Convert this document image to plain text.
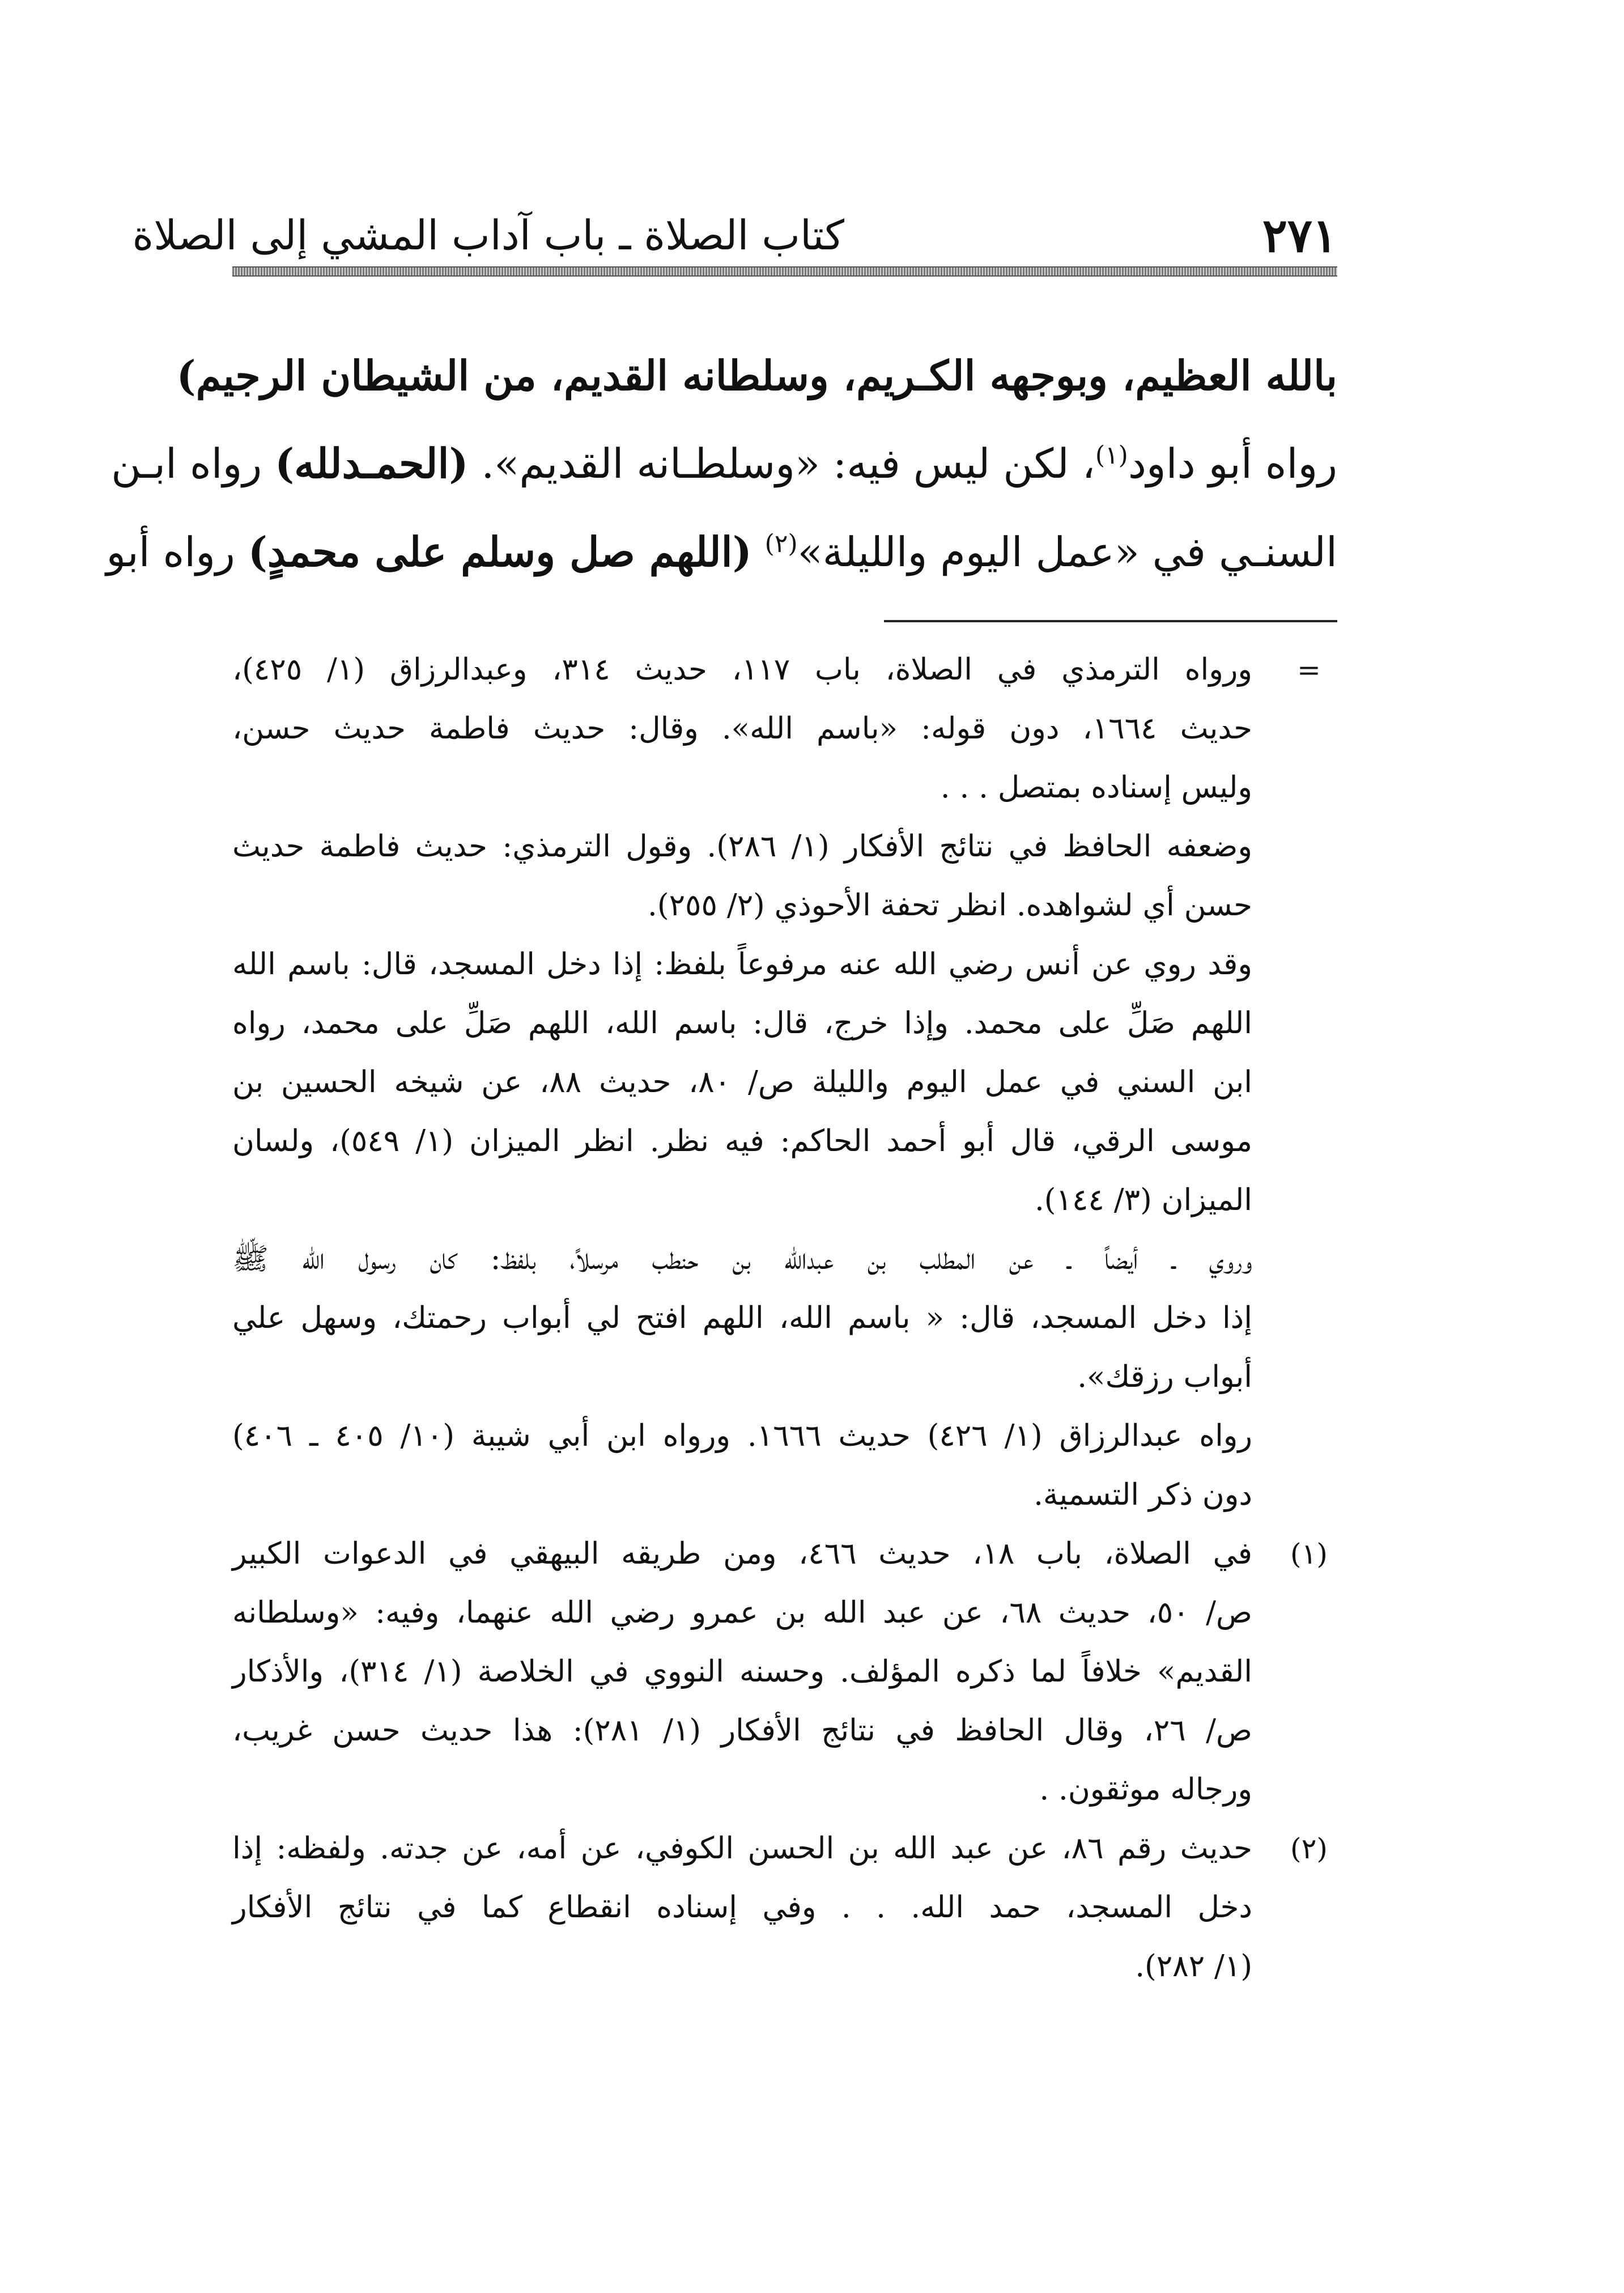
٢٧١
كتاب الصلاة ـ باب آداب المشي إلى الصلاة
بالله العظيم، وبوجهه الكـريم، وسلطانه القديم، من الشيطان الرجيم)
رواه أبو داود$^{(١)}$، لكن ليس فيه: «وسلطـانه القديم». (الحمـدلله) رواه ابـن
السنـي في «عمل اليوم والليلة»$^{(٢)}$ (اللهم صل وسلم على محمدٍ) رواه أبو
=
ورواه الترمذي في الصلاة، باب ١١٧، حديث ٣١٤، وعبدالرزاق (١/ ٤٢٥)،
حديث ١٦٦٤، دون قوله: «باسم الله». وقال: حديث فاطمة حديث حسن،
وليس إسناده بمتصل . . .
وضعفه الحافظ في نتائج الأفكار (١/ ٢٨٦). وقول الترمذي: حديث فاطمة حديث
حسن أي لشواهده. انظر تحفة الأحوذي (٢/ ٢٥٥).
وقد روي عن أنس رضي الله عنه مرفوعاً بلفظ: إذا دخل المسجد، قال: باسم الله
اللهم صَلِّ على محمد. وإذا خرج، قال: باسم الله، اللهم صَلِّ على محمد، رواه
ابن السني في عمل اليوم والليلة ص/ ٨٠، حديث ٨٨، عن شيخه الحسين بن
موسى الرقي، قال أبو أحمد الحاكم: فيه نظر. انظر الميزان (١/ ٥٤٩)، ولسان
الميزان (٣/ ١٤٤).
وروي ـ أيضاً ـ عن المطلب بن عبدالله بن حنطب مرسلاً، بلفظ: كان رسول الله ﷺ
إذا دخل المسجد، قال: « باسم الله، اللهم افتح لي أبواب رحمتك، وسهل علي
أبواب رزقك».
رواه عبدالرزاق (١/ ٤٢٦) حديث ١٦٦٦. ورواه ابن أبي شيبة (١٠/ ٤٠٥ ـ ٤٠٦)
دون ذكر التسمية.
(١)
في الصلاة، باب ١٨، حديث ٤٦٦، ومن طريقه البيهقي في الدعوات الكبير
ص/ ٥٠، حديث ٦٨، عن عبد الله بن عمرو رضي الله عنهما، وفيه: «وسلطانه
القديم» خلافاً لما ذكره المؤلف. وحسنه النووي في الخلاصة (١/ ٣١٤)، والأذكار
ص/ ٢٦، وقال الحافظ في نتائج الأفكار (١/ ٢٨١): هذا حديث حسن غريب،
ورجاله موثقون. .
(٢)
حديث رقم ٨٦، عن عبد الله بن الحسن الكوفي، عن أمه، عن جدته. ولفظه: إذا
دخل المسجد، حمد الله. . . وفي إسناده انقطاع كما في نتائج الأفكار
(١/ ٢٨٢).
